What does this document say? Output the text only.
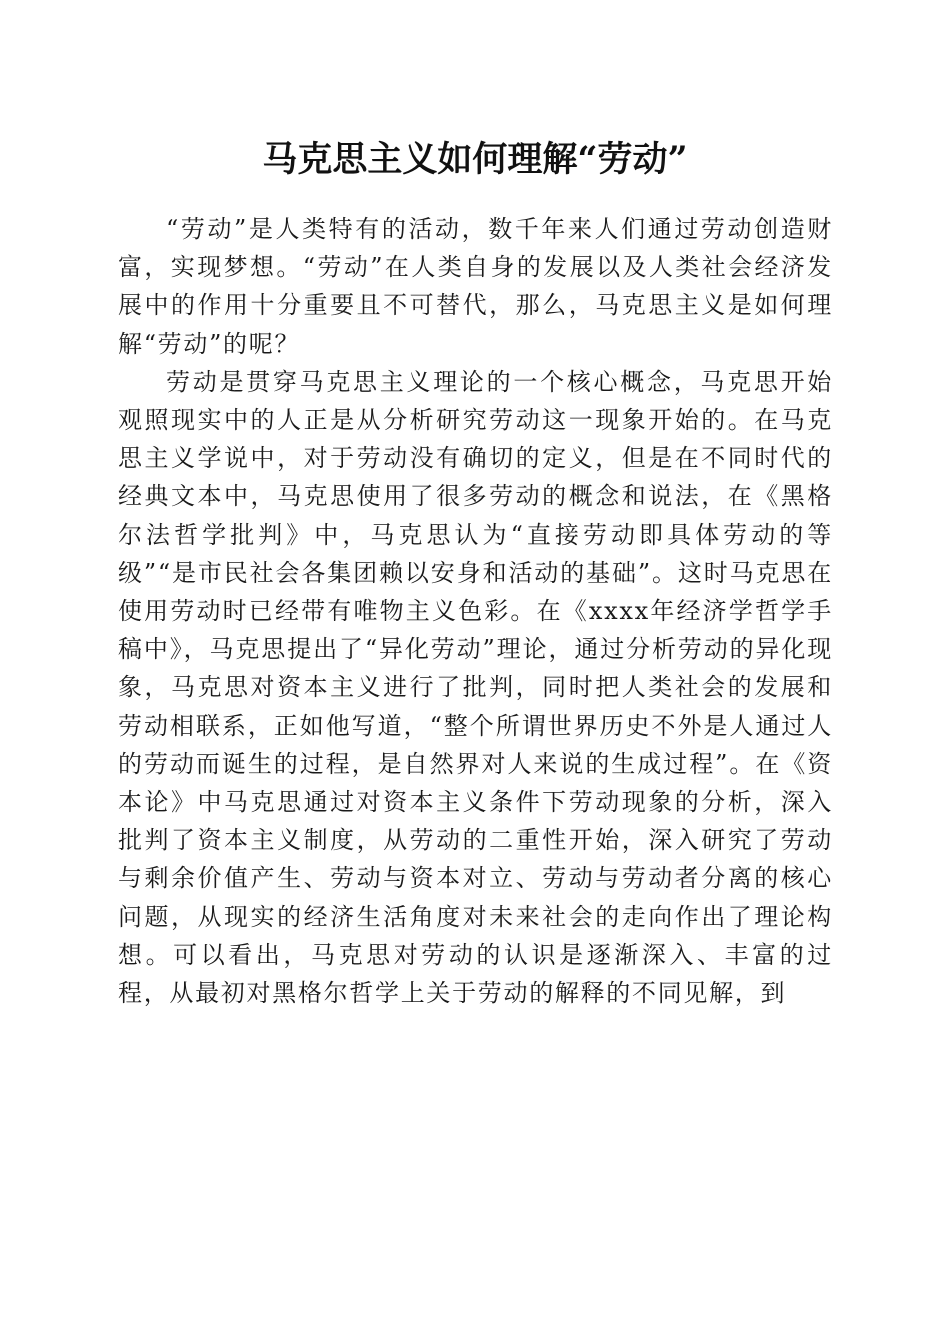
马克思主义如何理解“劳动”

“劳动”是人类特有的活动，数千年来人们通过劳动创造财富，实现梦想。“劳动”在人类自身的发展以及人类社会经济发展中的作用十分重要且不可替代，那么，马克思主义是如何理解“劳动”的呢？

劳动是贯穿马克思主义理论的一个核心概念，马克思开始观照现实中的人正是从分析研究劳动这一现象开始的。在马克思主义学说中，对于劳动没有确切的定义，但是在不同时代的经典文本中，马克思使用了很多劳动的概念和说法，在《黑格尔法哲学批判》中，马克思认为“直接劳动即具体劳动的等级”“是市民社会各集团赖以安身和活动的基础”。这时马克思在使用劳动时已经带有唯物主义色彩。在《xxxx年经济学哲学手稿中》，马克思提出了“异化劳动”理论，通过分析劳动的异化现象，马克思对资本主义进行了批判，同时把人类社会的发展和劳动相联系，正如他写道，“整个所谓世界历史不外是人通过人的劳动而诞生的过程，是自然界对人来说的生成过程”。在《资本论》中马克思通过对资本主义条件下劳动现象的分析，深入批判了资本主义制度，从劳动的二重性开始，深入研究了劳动与剩余价值产生、劳动与资本对立、劳动与劳动者分离的核心问题，从现实的经济生活角度对未来社会的走向作出了理论构想。可以看出，马克思对劳动的认识是逐渐深入、丰富的过程，从最初对黑格尔哲学上关于劳动的解释的不同见解，到
